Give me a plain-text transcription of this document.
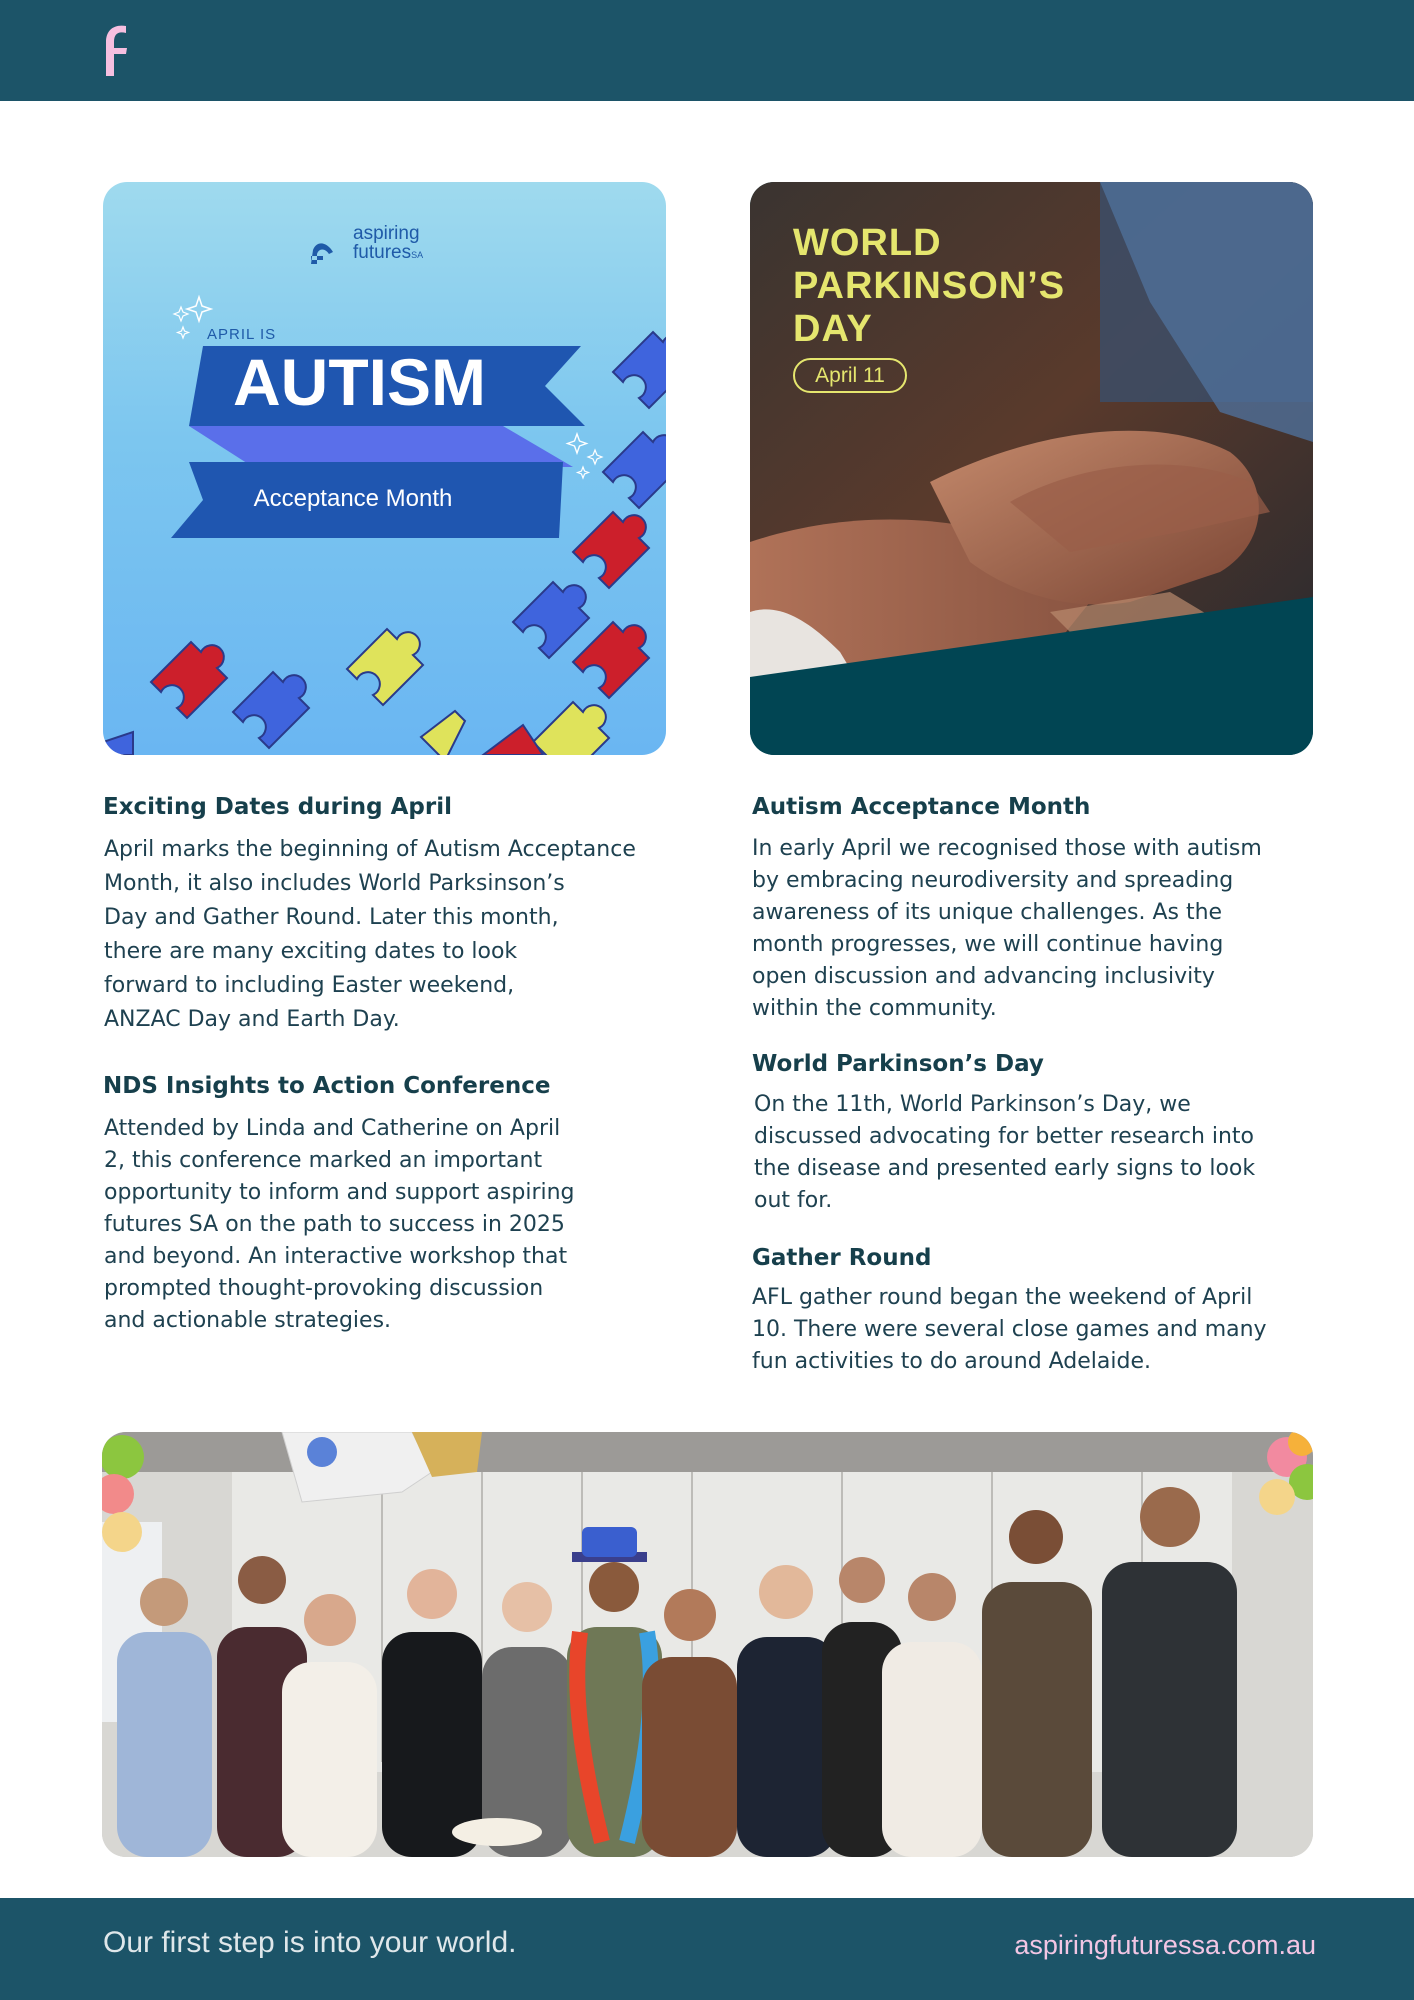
aspiring
futuresSA
APRIL IS
AUTISM
Acceptance Month
WORLD
PARKINSON’S
DAY
April 11
Exciting Dates during April

April marks the beginning of Autism Acceptance
Month, it also includes World Parksinson’s
Day and Gather Round. Later this month,
there are many exciting dates to look
forward to including Easter weekend,
ANZAC Day and Earth Day.

NDS Insights to Action Conference

Attended by Linda and Catherine on April
2, this conference marked an important
opportunity to inform and support aspiring
futures SA on the path to success in 2025
and beyond. An interactive workshop that
prompted thought-provoking discussion
and actionable strategies.

Autism Acceptance Month

In early April we recognised those with autism
by embracing neurodiversity and spreading
awareness of its unique challenges. As the
month progresses, we will continue having
open discussion and advancing inclusivity
within the community.

World Parkinson’s Day

On the 11th, World Parkinson’s Day, we
discussed advocating for better research into
the disease and presented early signs to look
out for.

Gather Round

AFL gather round began the weekend of April
10. There were several close games and many
fun activities to do around Adelaide.

Our first step is into your world.	aspiringfuturessa.com.au
